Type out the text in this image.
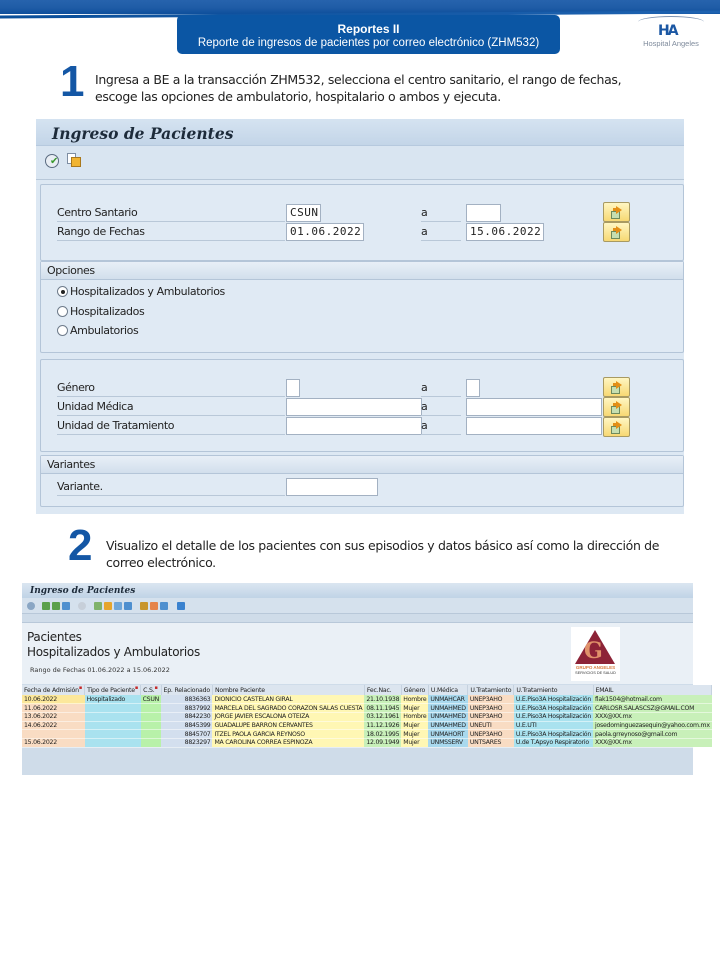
Reportes II
Reporte de ingresos de pacientes por correo electrónico (ZHM532)
HA
Hospital Angeles
1 Ingresa a BE a la transacción ZHM532, selecciona el centro sanitario, el rango de fechas,
escoge las opciones de ambulatorio, hospitalario o ambos y ejecuta.
Ingreso de Pacientes
✔
Centro Santario	CSUN	a
Rango de Fechas	01.06.2022	a	15.06.2022
Opciones
Hospitalizados y Ambulatorios
Hospitalizados
Ambulatorios
Género	a
Unidad Médica	a
Unidad de Tratamiento	a
Variantes
Variante.
2 Visualizo el detalle de los pacientes con sus episodios y datos básico así como la dirección de
correo electrónico.
Ingreso de Pacientes
Pacientes
Hospitalizados y Ambulatorios
Rango de Fechas 01.06.2022 a 15.06.2022
G
GRUPO ANGELES
SERVICIOS DE SALUD
Fecha de Admisión▪	Tipo de Paciente▪	C.S.▪	Ep. Relacionado	Nombre Paciente	Fec.Nac.	Género	U.Médica	U.Tratamiento	U.Tratamiento	EMAIL
10.06.2022	Hospitalizado	CSUN	8836363	DIONICIO CASTELAN GIRAL	21.10.1938	Hombre	UNMAHCAR	UNEP3AHO	U.E.Piso3A Hospitalización	flak1504@hotmail.com
11.06.2022			8837992	MARCELA DEL SAGRADO CORAZON SALAS CUESTA	08.11.1945	Mujer	UNMAHMED	UNEP3AHO	U.E.Piso3A Hospitalización	CARLOSR.SALASCSZ@GMAIL.COM
13.06.2022			8842230	JORGE JAVIER ESCALONA OTEIZA	03.12.1961	Hombre	UNMAHMED	UNEP3AHO	U.E.Piso3A Hospitalización	XXX@XX.mx
14.06.2022			8845399	GUADALUPE BARRON CERVANTES	11.12.1926	Mujer	UNMAHMED	UNEUTI	U.E.UTI	josedominguezasequin@yahoo.com.mx
			8845707	ITZEL PAOLA GARCIA REYNOSO	18.02.1995	Mujer	UNMAHORT	UNEP3AHO	U.E.Piso3A Hospitalización	paola.grreynoso@gmail.com
15.06.2022			8823297	MA CAROLINA CORREA ESPINOZA	12.09.1949	Mujer	UNMSSERV	UNTSARES	U.de T.Apsyo Respiratorio	XXX@XX.mx
